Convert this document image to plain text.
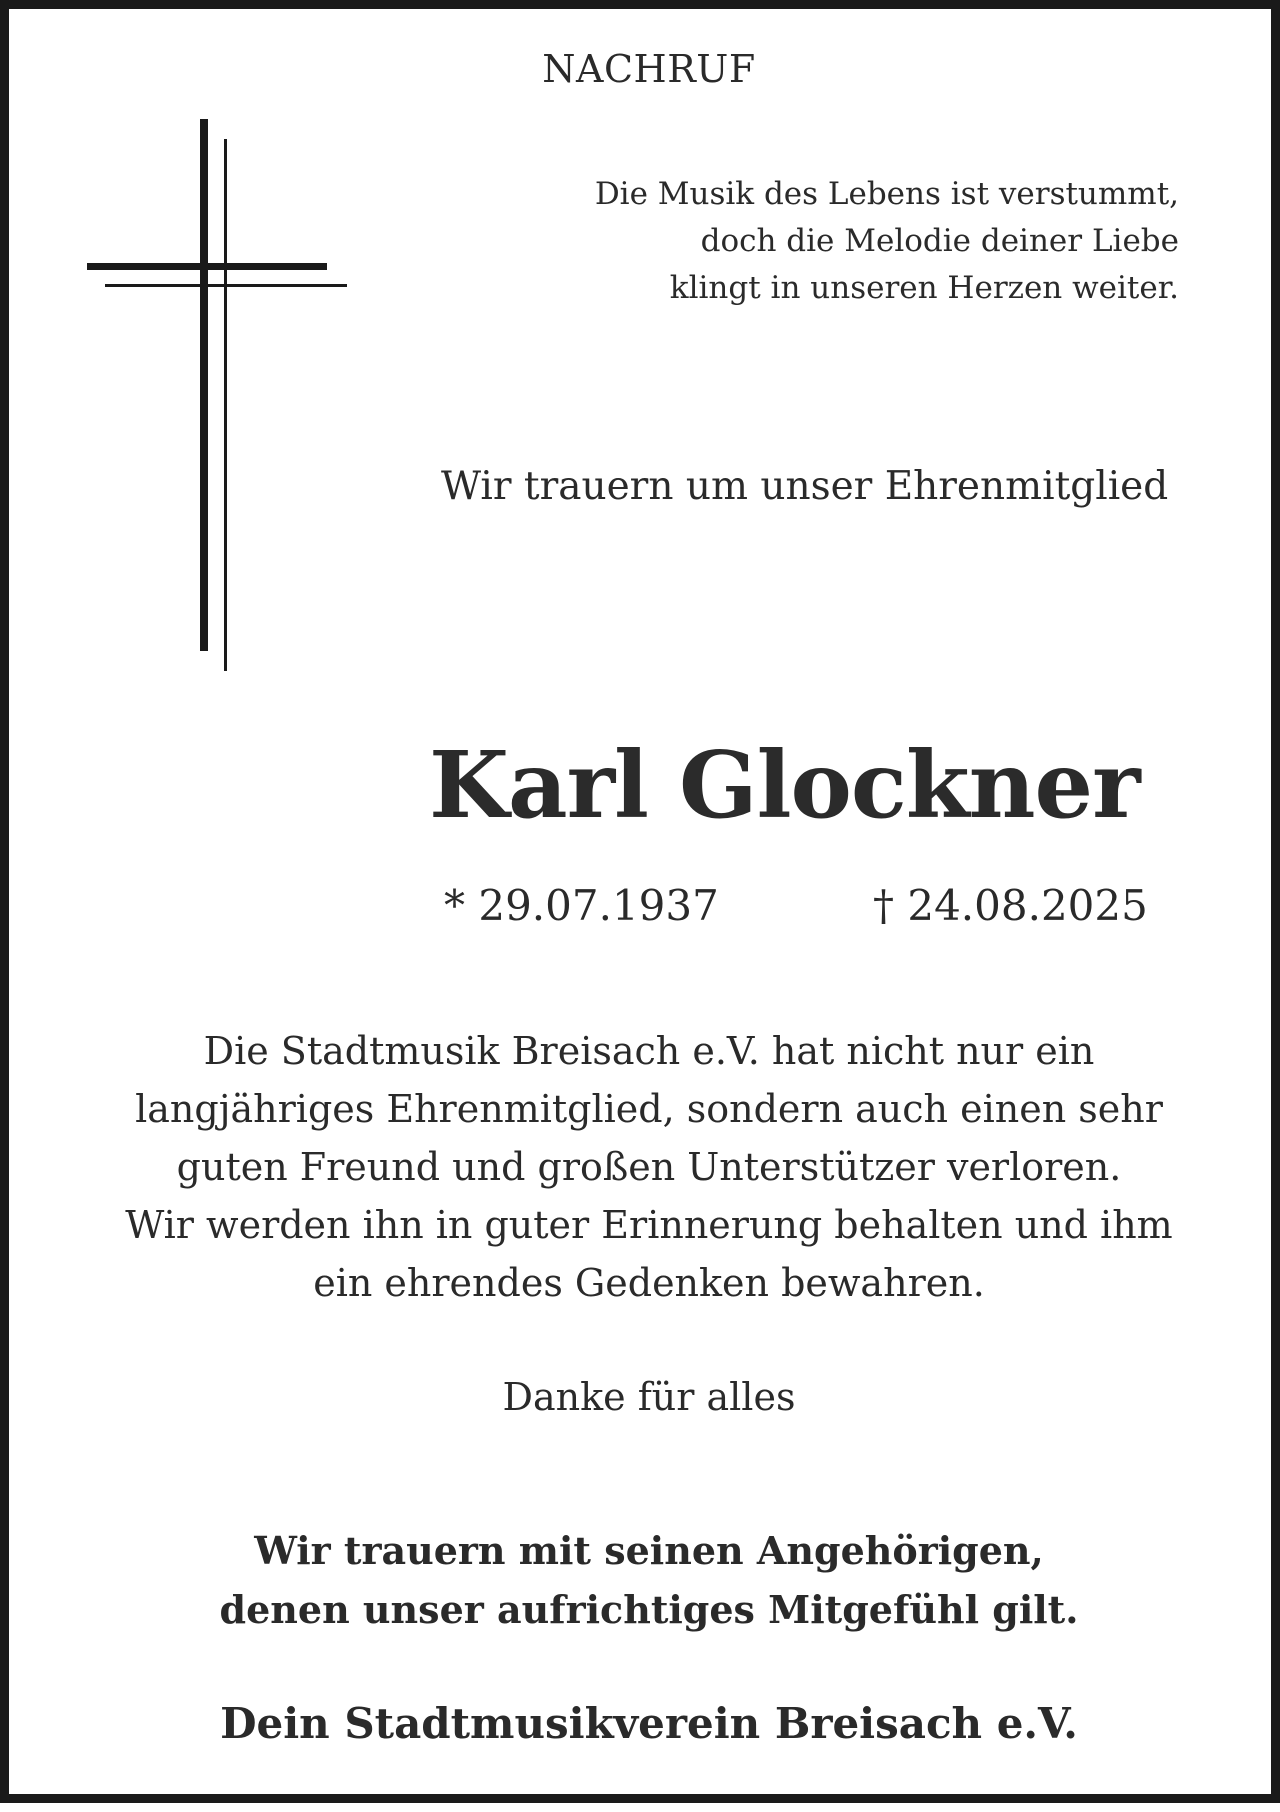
NACHRUF
Die Musik des Lebens ist verstummt,
doch die Melodie deiner Liebe
klingt in unseren Herzen weiter.
Wir trauern um unser Ehrenmitglied
Karl Glockner
* 29.07.1937	† 24.08.2025
Die Stadtmusik Breisach e.V. hat nicht nur ein
langjähriges Ehrenmitglied, sondern auch einen sehr
guten Freund und großen Unterstützer verloren.
Wir werden ihn in guter Erinnerung behalten und ihm
ein ehrendes Gedenken bewahren.
Danke für alles
Wir trauern mit seinen Angehörigen,
denen unser aufrichtiges Mitgefühl gilt.
Dein Stadtmusikverein Breisach e.V.
